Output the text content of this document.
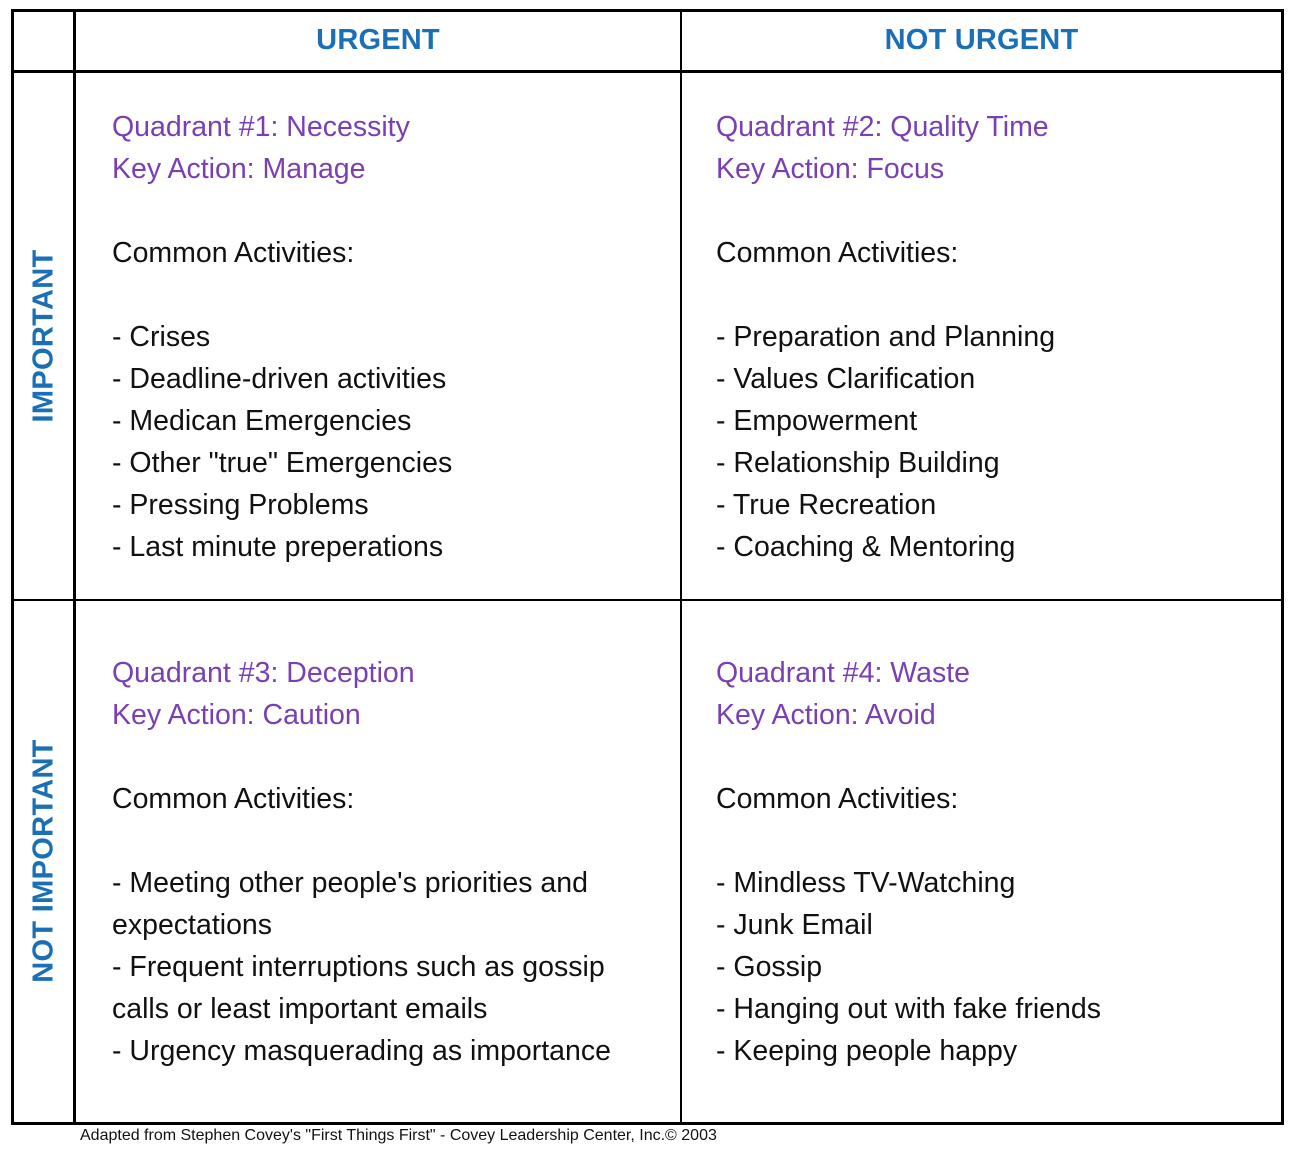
URGENT	NOT URGENT
IMPORTANT
NOT IMPORTANT
Quadrant #1: Necessity
Key Action: Manage
Common Activities:
- Crises
- Deadline-driven activities
- Medican Emergencies
- Other "true" Emergencies
- Pressing Problems
- Last minute preperations
Quadrant #2: Quality Time
Key Action: Focus
Common Activities:
- Preparation and Planning
- Values Clarification
- Empowerment
- Relationship Building
- True Recreation
- Coaching & Mentoring
Quadrant #3: Deception
Key Action: Caution
Common Activities:
- Meeting other people's priorities and expectations
- Frequent interruptions such as gossip calls or least important emails
- Urgency masquerading as importance
Quadrant #4: Waste
Key Action: Avoid
Common Activities:
- Mindless TV-Watching
- Junk Email
- Gossip
- Hanging out with fake friends
- Keeping people happy
Adapted from Stephen Covey's "First Things First" - Covey Leadership Center, Inc.© 2003
